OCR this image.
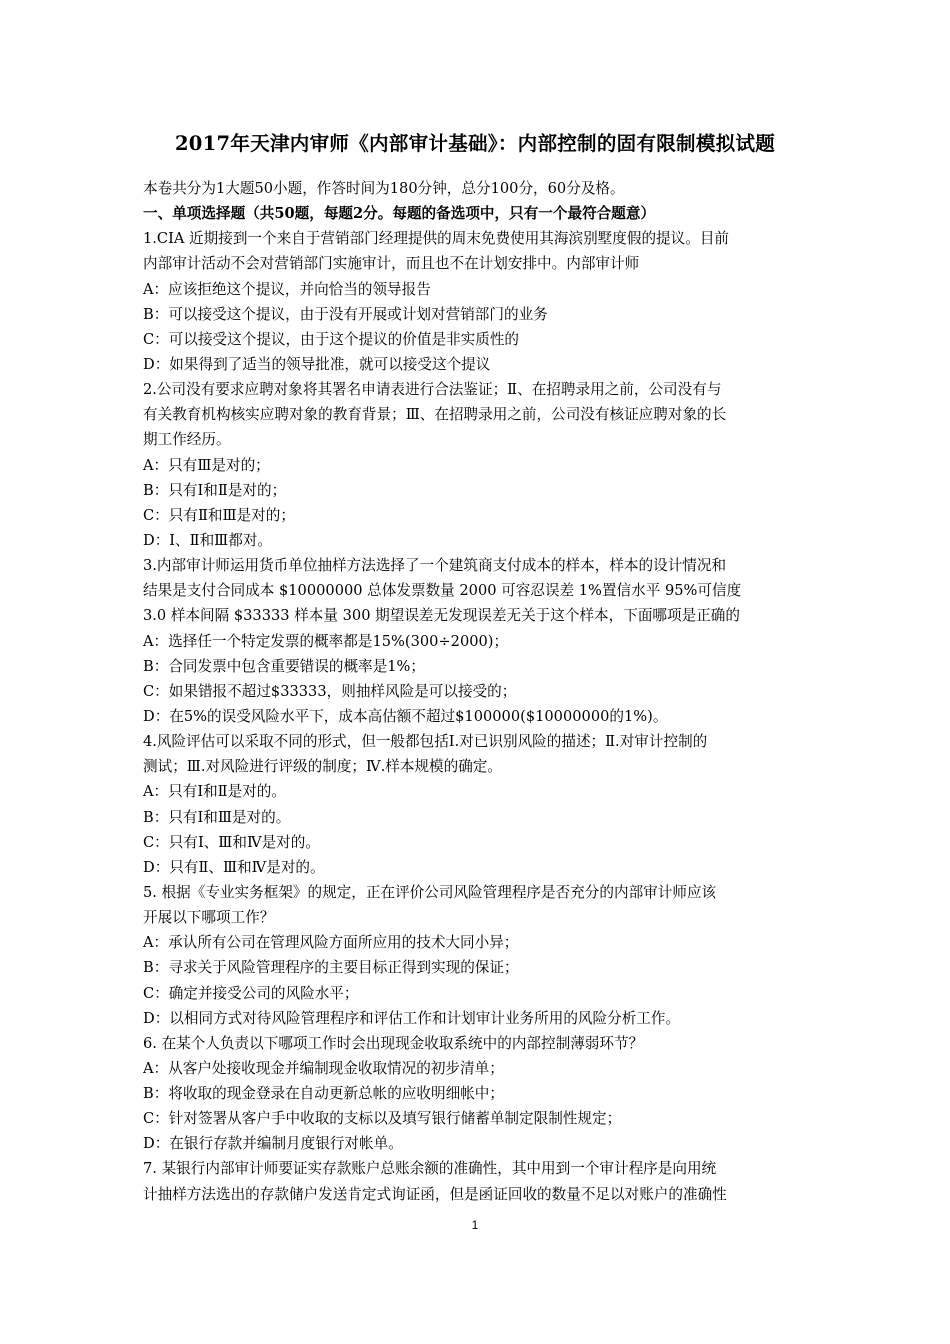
2017年天津内审师《内部审计基础》：内部控制的固有限制模拟试题
本卷共分为1大题50小题，作答时间为180分钟，总分100分，60分及格。
一、单项选择题（共50题，每题2分。每题的备选项中，只有一个最符合题意）
1.CIA 近期接到一个来自于营销部门经理提供的周末免费使用其海滨别墅度假的提议。目前
内部审计活动不会对营销部门实施审计，而且也不在计划安排中。内部审计师
A：应该拒绝这个提议，并向恰当的领导报告
B：可以接受这个提议，由于没有开展或计划对营销部门的业务
C：可以接受这个提议，由于这个提议的价值是非实质性的
D：如果得到了适当的领导批准，就可以接受这个提议
2.公司没有要求应聘对象将其署名申请表进行合法鉴证；Ⅱ、在招聘录用之前，公司没有与
有关教育机构核实应聘对象的教育背景；Ⅲ、在招聘录用之前，公司没有核证应聘对象的长
期工作经历。
A：只有Ⅲ是对的；
B：只有Ⅰ和Ⅱ是对的；
C：只有Ⅱ和Ⅲ是对的；
D：Ⅰ、Ⅱ和Ⅲ都对。
3.内部审计师运用货币单位抽样方法选择了一个建筑商支付成本的样本，样本的设计情况和
结果是支付合同成本 $10000000 总体发票数量 2000 可容忍误差 1%置信水平 95%可信度
3.0 样本间隔 $33333 样本量 300 期望误差无发现误差无关于这个样本，下面哪项是正确的
A：选择任一个特定发票的概率都是15%(300÷2000)；
B：合同发票中包含重要错误的概率是1%；
C：如果错报不超过$33333，则抽样风险是可以接受的；
D：在5%的误受风险水平下，成本高估额不超过$100000($10000000的1%)。
4.风险评估可以采取不同的形式，但一般都包括Ⅰ.对已识别风险的描述；Ⅱ.对审计控制的
测试；Ⅲ.对风险进行评级的制度；Ⅳ.样本规模的确定。
A：只有Ⅰ和Ⅱ是对的。
B：只有Ⅰ和Ⅲ是对的。
C：只有Ⅰ、Ⅲ和Ⅳ是对的。
D：只有Ⅱ、Ⅲ和Ⅳ是对的。
5. 根据《专业实务框架》的规定，正在评价公司风险管理程序是否充分的内部审计师应该
开展以下哪项工作？
A：承认所有公司在管理风险方面所应用的技术大同小异；
B：寻求关于风险管理程序的主要目标正得到实现的保证；
C：确定并接受公司的风险水平；
D：以相同方式对待风险管理程序和评估工作和计划审计业务所用的风险分析工作。
6. 在某个人负责以下哪项工作时会出现现金收取系统中的内部控制薄弱环节？
A：从客户处接收现金并编制现金收取情况的初步清单；
B：将收取的现金登录在自动更新总帐的应收明细帐中；
C：针对签署从客户手中收取的支标以及填写银行储蓄单制定限制性规定；
D：在银行存款并编制月度银行对帐单。
7. 某银行内部审计师要证实存款账户总账余额的准确性，其中用到一个审计程序是向用统
计抽样方法选出的存款储户发送肯定式询证函，但是函证回收的数量不足以对账户的准确性
1
